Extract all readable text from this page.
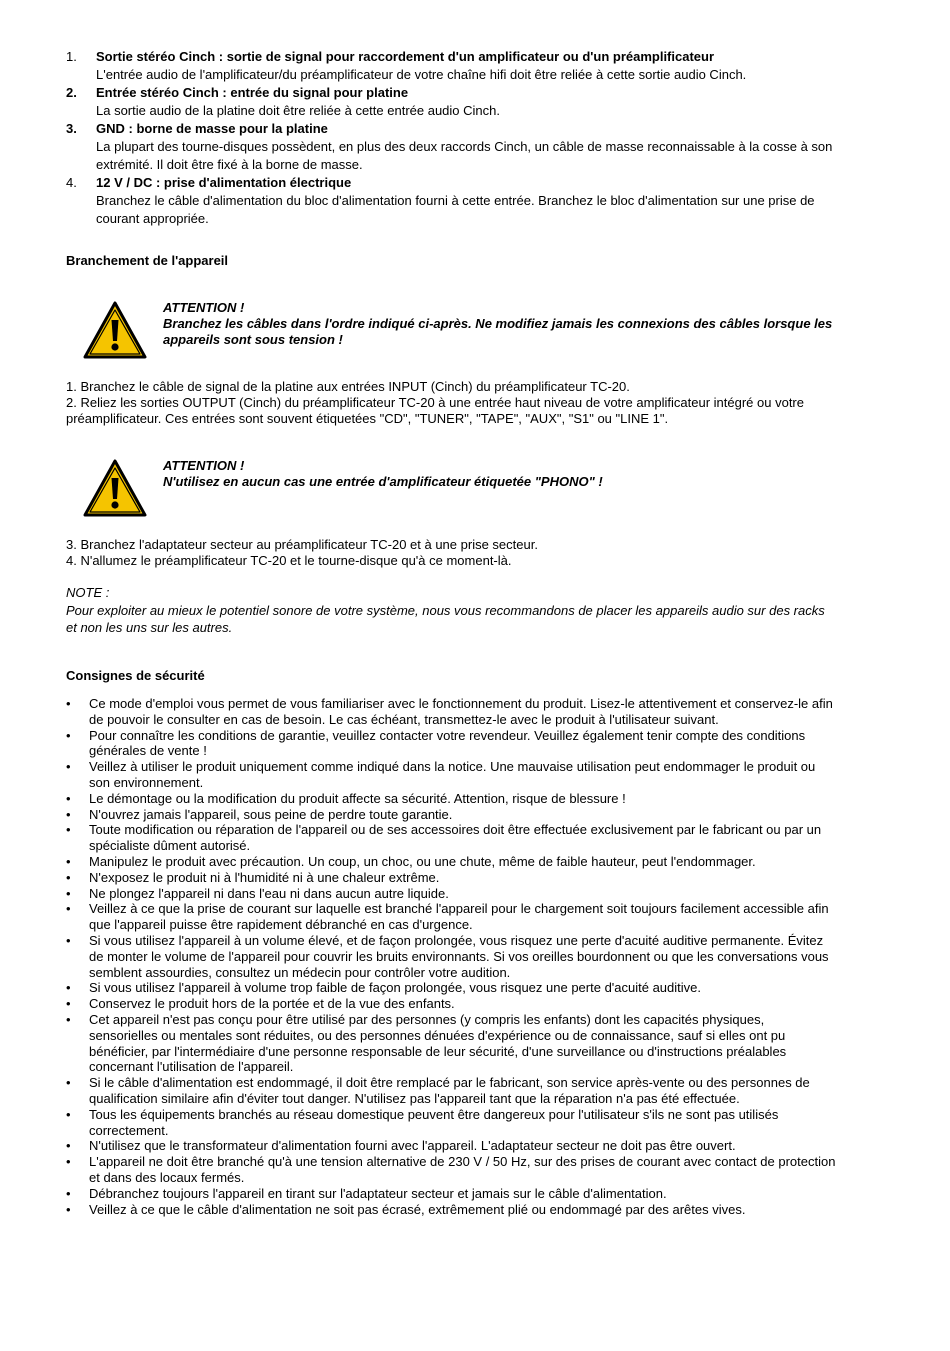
1.	Sortie stéréo Cinch : sortie de signal pour raccordement d'un amplificateur ou d'un préamplificateur
L'entrée audio de l'amplificateur/du préamplificateur de votre chaîne hifi doit être reliée à cette sortie audio Cinch.
2.	Entrée stéréo Cinch : entrée du signal pour platine
La sortie audio de la platine doit être reliée à cette entrée audio Cinch.
3.	GND : borne de masse pour la platine
La plupart des tourne-disques possèdent, en plus des deux raccords Cinch, un câble de masse reconnaissable à la cosse à son extrémité. Il doit être fixé à la borne de masse.
4.	12 V / DC : prise d'alimentation électrique
Branchez le câble d'alimentation du bloc d'alimentation fourni à cette entrée. Branchez le bloc d'alimentation sur une prise de courant appropriée.
Branchement de l'appareil
ATTENTION !
Branchez les câbles dans l'ordre indiqué ci-après. Ne modifiez jamais les connexions des câbles lorsque les appareils sont sous tension !
1. Branchez le câble de signal de la platine aux entrées INPUT (Cinch) du préamplificateur TC-20.
2. Reliez les sorties OUTPUT (Cinch) du préamplificateur TC-20 à une entrée haut niveau de votre amplificateur intégré ou votre préamplificateur. Ces entrées sont souvent étiquetées "CD", "TUNER", "TAPE", "AUX", "S1" ou "LINE 1".
ATTENTION !
N'utilisez en aucun cas une entrée d'amplificateur étiquetée "PHONO" !
3. Branchez l'adaptateur secteur au préamplificateur TC-20 et à une prise secteur.
4. N'allumez le préamplificateur TC-20 et le tourne-disque qu'à ce moment-là.
NOTE :
Pour exploiter au mieux le potentiel sonore de votre système, nous vous recommandons de placer les appareils audio sur des racks et non les uns sur les autres.
Consignes de sécurité
• Ce mode d'emploi vous permet de vous familiariser avec le fonctionnement du produit. Lisez-le attentivement et conservez-le afin de pouvoir le consulter en cas de besoin. Le cas échéant, transmettez-le avec le produit à l'utilisateur suivant.
• Pour connaître les conditions de garantie, veuillez contacter votre revendeur. Veuillez également tenir compte des conditions générales de vente !
• Veillez à utiliser le produit uniquement comme indiqué dans la notice. Une mauvaise utilisation peut endommager le produit ou son environnement.
• Le démontage ou la modification du produit affecte sa sécurité. Attention, risque de blessure !
• N'ouvrez jamais l'appareil, sous peine de perdre toute garantie.
• Toute modification ou réparation de l'appareil ou de ses accessoires doit être effectuée exclusivement par le fabricant ou par un spécialiste dûment autorisé.
• Manipulez le produit avec précaution. Un coup, un choc, ou une chute, même de faible hauteur, peut l'endommager.
• N'exposez le produit ni à l'humidité ni à une chaleur extrême.
• Ne plongez l'appareil ni dans l'eau ni dans aucun autre liquide.
• Veillez à ce que la prise de courant sur laquelle est branché l'appareil pour le chargement soit toujours facilement accessible afin que l'appareil puisse être rapidement débranché en cas d'urgence.
• Si vous utilisez l'appareil à un volume élevé, et de façon prolongée, vous risquez une perte d'acuité auditive permanente. Évitez de monter le volume de l'appareil pour couvrir les bruits environnants. Si vos oreilles bourdonnent ou que les conversations vous semblent assourdies, consultez un médecin pour contrôler votre audition.
• Si vous utilisez l'appareil à volume trop faible de façon prolongée, vous risquez une perte d'acuité auditive.
• Conservez le produit hors de la portée et de la vue des enfants.
• Cet appareil n'est pas conçu pour être utilisé par des personnes (y compris les enfants) dont les capacités physiques, sensorielles ou mentales sont réduites, ou des personnes dénuées d'expérience ou de connaissance, sauf si elles ont pu bénéficier, par l'intermédiaire d'une personne responsable de leur sécurité, d'une surveillance ou d'instructions préalables concernant l'utilisation de l'appareil.
• Si le câble d'alimentation est endommagé, il doit être remplacé par le fabricant, son service après-vente ou des personnes de qualification similaire afin d'éviter tout danger. N'utilisez pas l'appareil tant que la réparation n'a pas été effectuée.
• Tous les équipements branchés au réseau domestique peuvent être dangereux pour l'utilisateur s'ils ne sont pas utilisés correctement.
• N'utilisez que le transformateur d'alimentation fourni avec l'appareil. L'adaptateur secteur ne doit pas être ouvert.
• L'appareil ne doit être branché qu'à une tension alternative de 230 V / 50 Hz, sur des prises de courant avec contact de protection et dans des locaux fermés.
• Débranchez toujours l'appareil en tirant sur l'adaptateur secteur et jamais sur le câble d'alimentation.
• Veillez à ce que le câble d'alimentation ne soit pas écrasé, extrêmement plié ou endommagé par des arêtes vives.
